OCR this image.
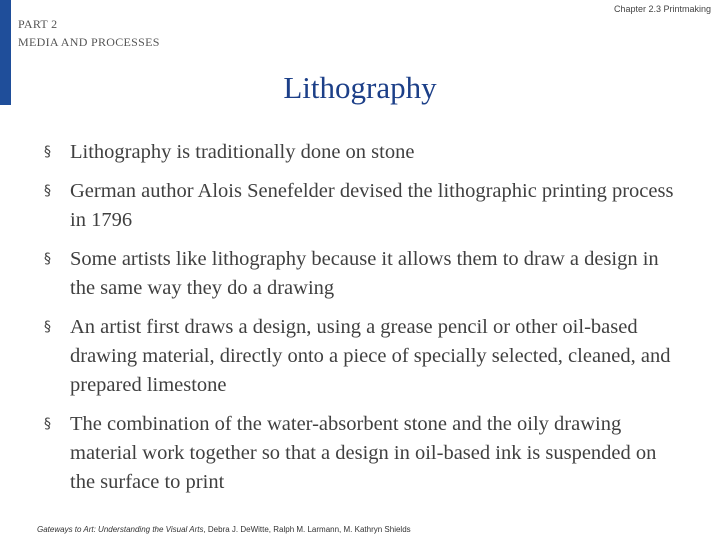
PART 2
MEDIA AND PROCESSES
Chapter 2.3 Printmaking
Lithography
§ Lithography is traditionally done on stone
§ German author Alois Senefelder devised the lithographic printing process in 1796
§ Some artists like lithography because it allows them to draw a design in the same way they do a drawing
§ An artist first draws a design, using a grease pencil or other oil-based drawing material, directly onto a piece of specially selected, cleaned, and prepared limestone
§ The combination of the water-absorbent stone and the oily drawing material work together so that a design in oil-based ink is suspended on the surface to print
Gateways to Art: Understanding the Visual Arts, Debra J. DeWitte, Ralph M. Larmann, M. Kathryn Shields
